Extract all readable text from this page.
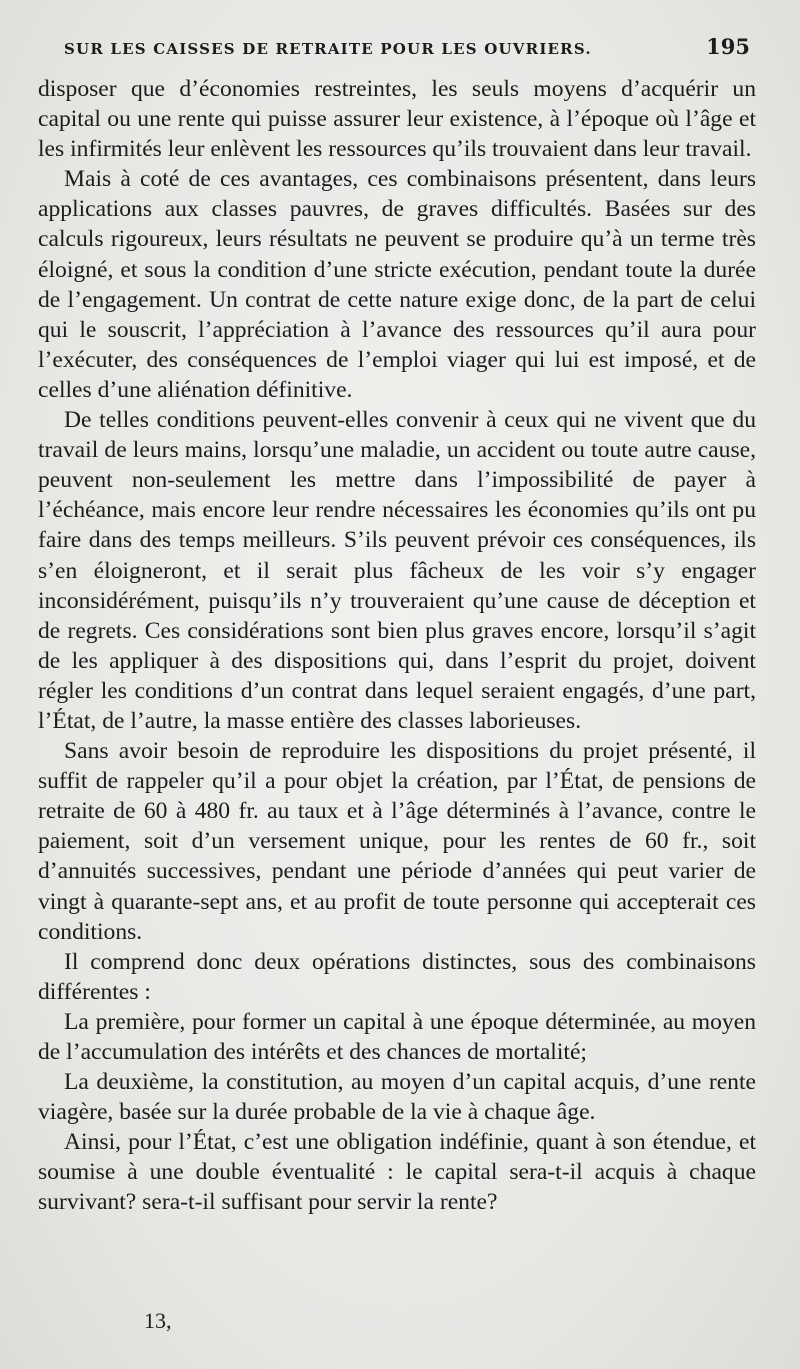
SUR LES CAISSES DE RETRAITE POUR LES OUVRIERS.	195

disposer que d’économies restreintes, les seuls moyens d’acquérir un capital ou une rente qui puisse assurer leur existence, à l’époque où l’âge et les infirmités leur enlèvent les ressources qu’ils trouvaient dans leur travail.

Mais à coté de ces avantages, ces combinaisons présentent, dans leurs applications aux classes pauvres, de graves difficultés. Basées sur des calculs rigoureux, leurs résultats ne peuvent se produire qu’à un terme très éloigné, et sous la condition d’une stricte exécution, pendant toute la durée de l’engagement. Un contrat de cette nature exige donc, de la part de celui qui le souscrit, l’appréciation à l’avance des ressources qu’il aura pour l’exécuter, des conséquences de l’emploi viager qui lui est imposé, et de celles d’une aliénation définitive.

De telles conditions peuvent-elles convenir à ceux qui ne vivent que du travail de leurs mains, lorsqu’une maladie, un accident ou toute autre cause, peuvent non-seulement les mettre dans l’impossibilité de payer à l’échéance, mais encore leur rendre nécessaires les économies qu’ils ont pu faire dans des temps meilleurs. S’ils peuvent prévoir ces conséquences, ils s’en éloigneront, et il serait plus fâcheux de les voir s’y engager inconsidérément, puisqu’ils n’y trouveraient qu’une cause de déception et de regrets. Ces considérations sont bien plus graves encore, lorsqu’il s’agit de les appliquer à des dispositions qui, dans l’esprit du projet, doivent régler les conditions d’un contrat dans lequel seraient engagés, d’une part, l’État, de l’autre, la masse entière des classes laborieuses.

Sans avoir besoin de reproduire les dispositions du projet présenté, il suffit de rappeler qu’il a pour objet la création, par l’État, de pensions de retraite de 60 à 480 fr. au taux et à l’âge déterminés à l’avance, contre le paiement, soit d’un versement unique, pour les rentes de 60 fr., soit d’annuités successives, pendant une période d’années qui peut varier de vingt à quarante-sept ans, et au profit de toute personne qui accepterait ces conditions.

Il comprend donc deux opérations distinctes, sous des combinaisons différentes :

La première, pour former un capital à une époque déterminée, au moyen de l’accumulation des intérêts et des chances de mortalité;

La deuxième, la constitution, au moyen d’un capital acquis, d’une rente viagère, basée sur la durée probable de la vie à chaque âge.

Ainsi, pour l’État, c’est une obligation indéfinie, quant à son étendue, et soumise à une double éventualité : le capital sera-t-il acquis à chaque survivant? sera-t-il suffisant pour servir la rente?

13,
